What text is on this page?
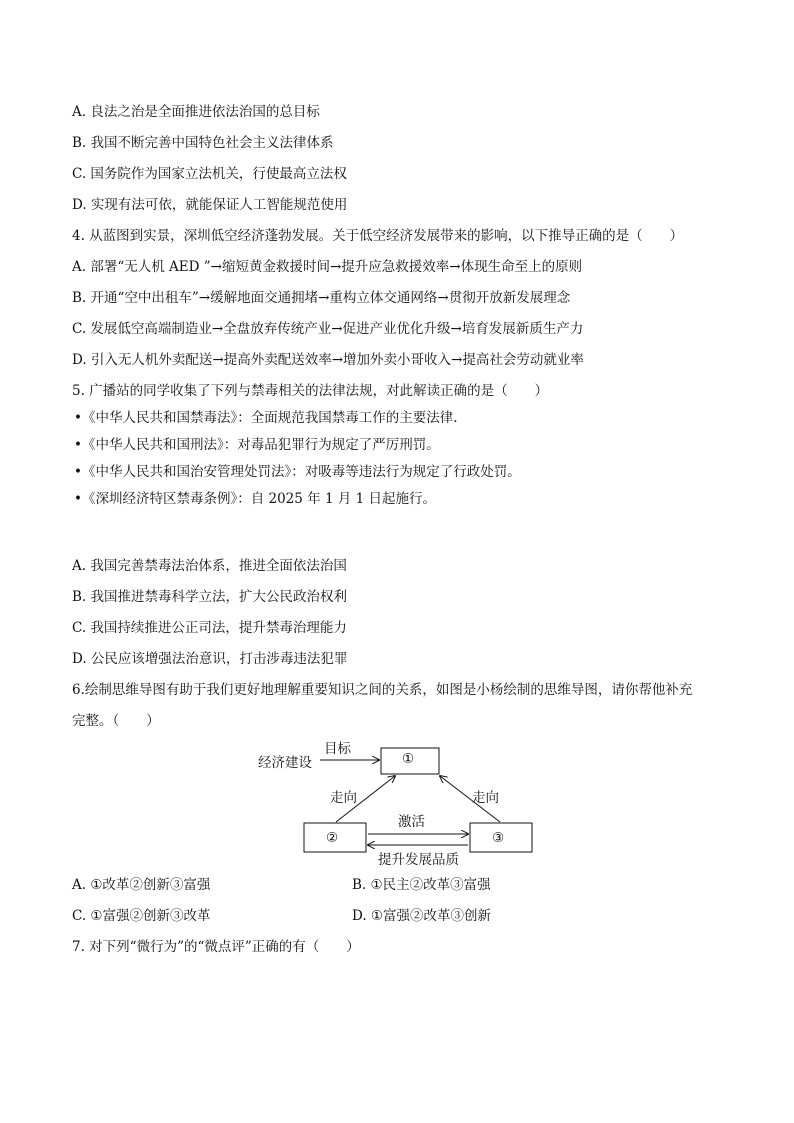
A. 良法之治是全面推进依法治国的总目标
B. 我国不断完善中国特色社会主义法律体系
C. 国务院作为国家立法机关，行使最高立法权
D. 实现有法可依，就能保证人工智能规范使用
4. 从蓝图到实景，深圳低空经济蓬勃发展。关于低空经济发展带来的影响，以下推导正确的是（　　）
A. 部署“无人机 AED ”→缩短黄金救援时间→提升应急救援效率→体现生命至上的原则
B. 开通“空中出租车”→缓解地面交通拥堵→重构立体交通网络→贯彻开放新发展理念
C. 发展低空高端制造业→全盘放弃传统产业→促进产业优化升级→培育发展新质生产力
D. 引入无人机外卖配送→提高外卖配送效率→增加外卖小哥收入→提高社会劳动就业率
5. 广播站的同学收集了下列与禁毒相关的法律法规，对此解读正确的是（　　）
•《中华人民共和国禁毒法》：全面规范我国禁毒工作的主要法律.
•《中华人民共和国刑法》：对毒品犯罪行为规定了严厉刑罚。
•《中华人民共和国治安管理处罚法》：对吸毒等违法行为规定了行政处罚。
•《深圳经济特区禁毒条例》：自 2025 年 1 月 1 日起施行。
A. 我国完善禁毒法治体系，推进全面依法治国
B. 我国推进禁毒科学立法，扩大公民政治权利
C. 我国持续推进公正司法，提升禁毒治理能力
D. 公民应该增强法治意识，打击涉毒违法犯罪
6.绘制思维导图有助于我们更好地理解重要知识之间的关系，如图是小杨绘制的思维导图，请你帮他补充
完整。（　　）
经济建设
目标
①
②	③
走向	走向
激活
提升发展品质
A. ①改革②创新③富强	B. ①民主②改革③富强
C. ①富强②创新③改革	D. ①富强②改革③创新
7. 对下列“微行为”的“微点评”正确的有（　　）
